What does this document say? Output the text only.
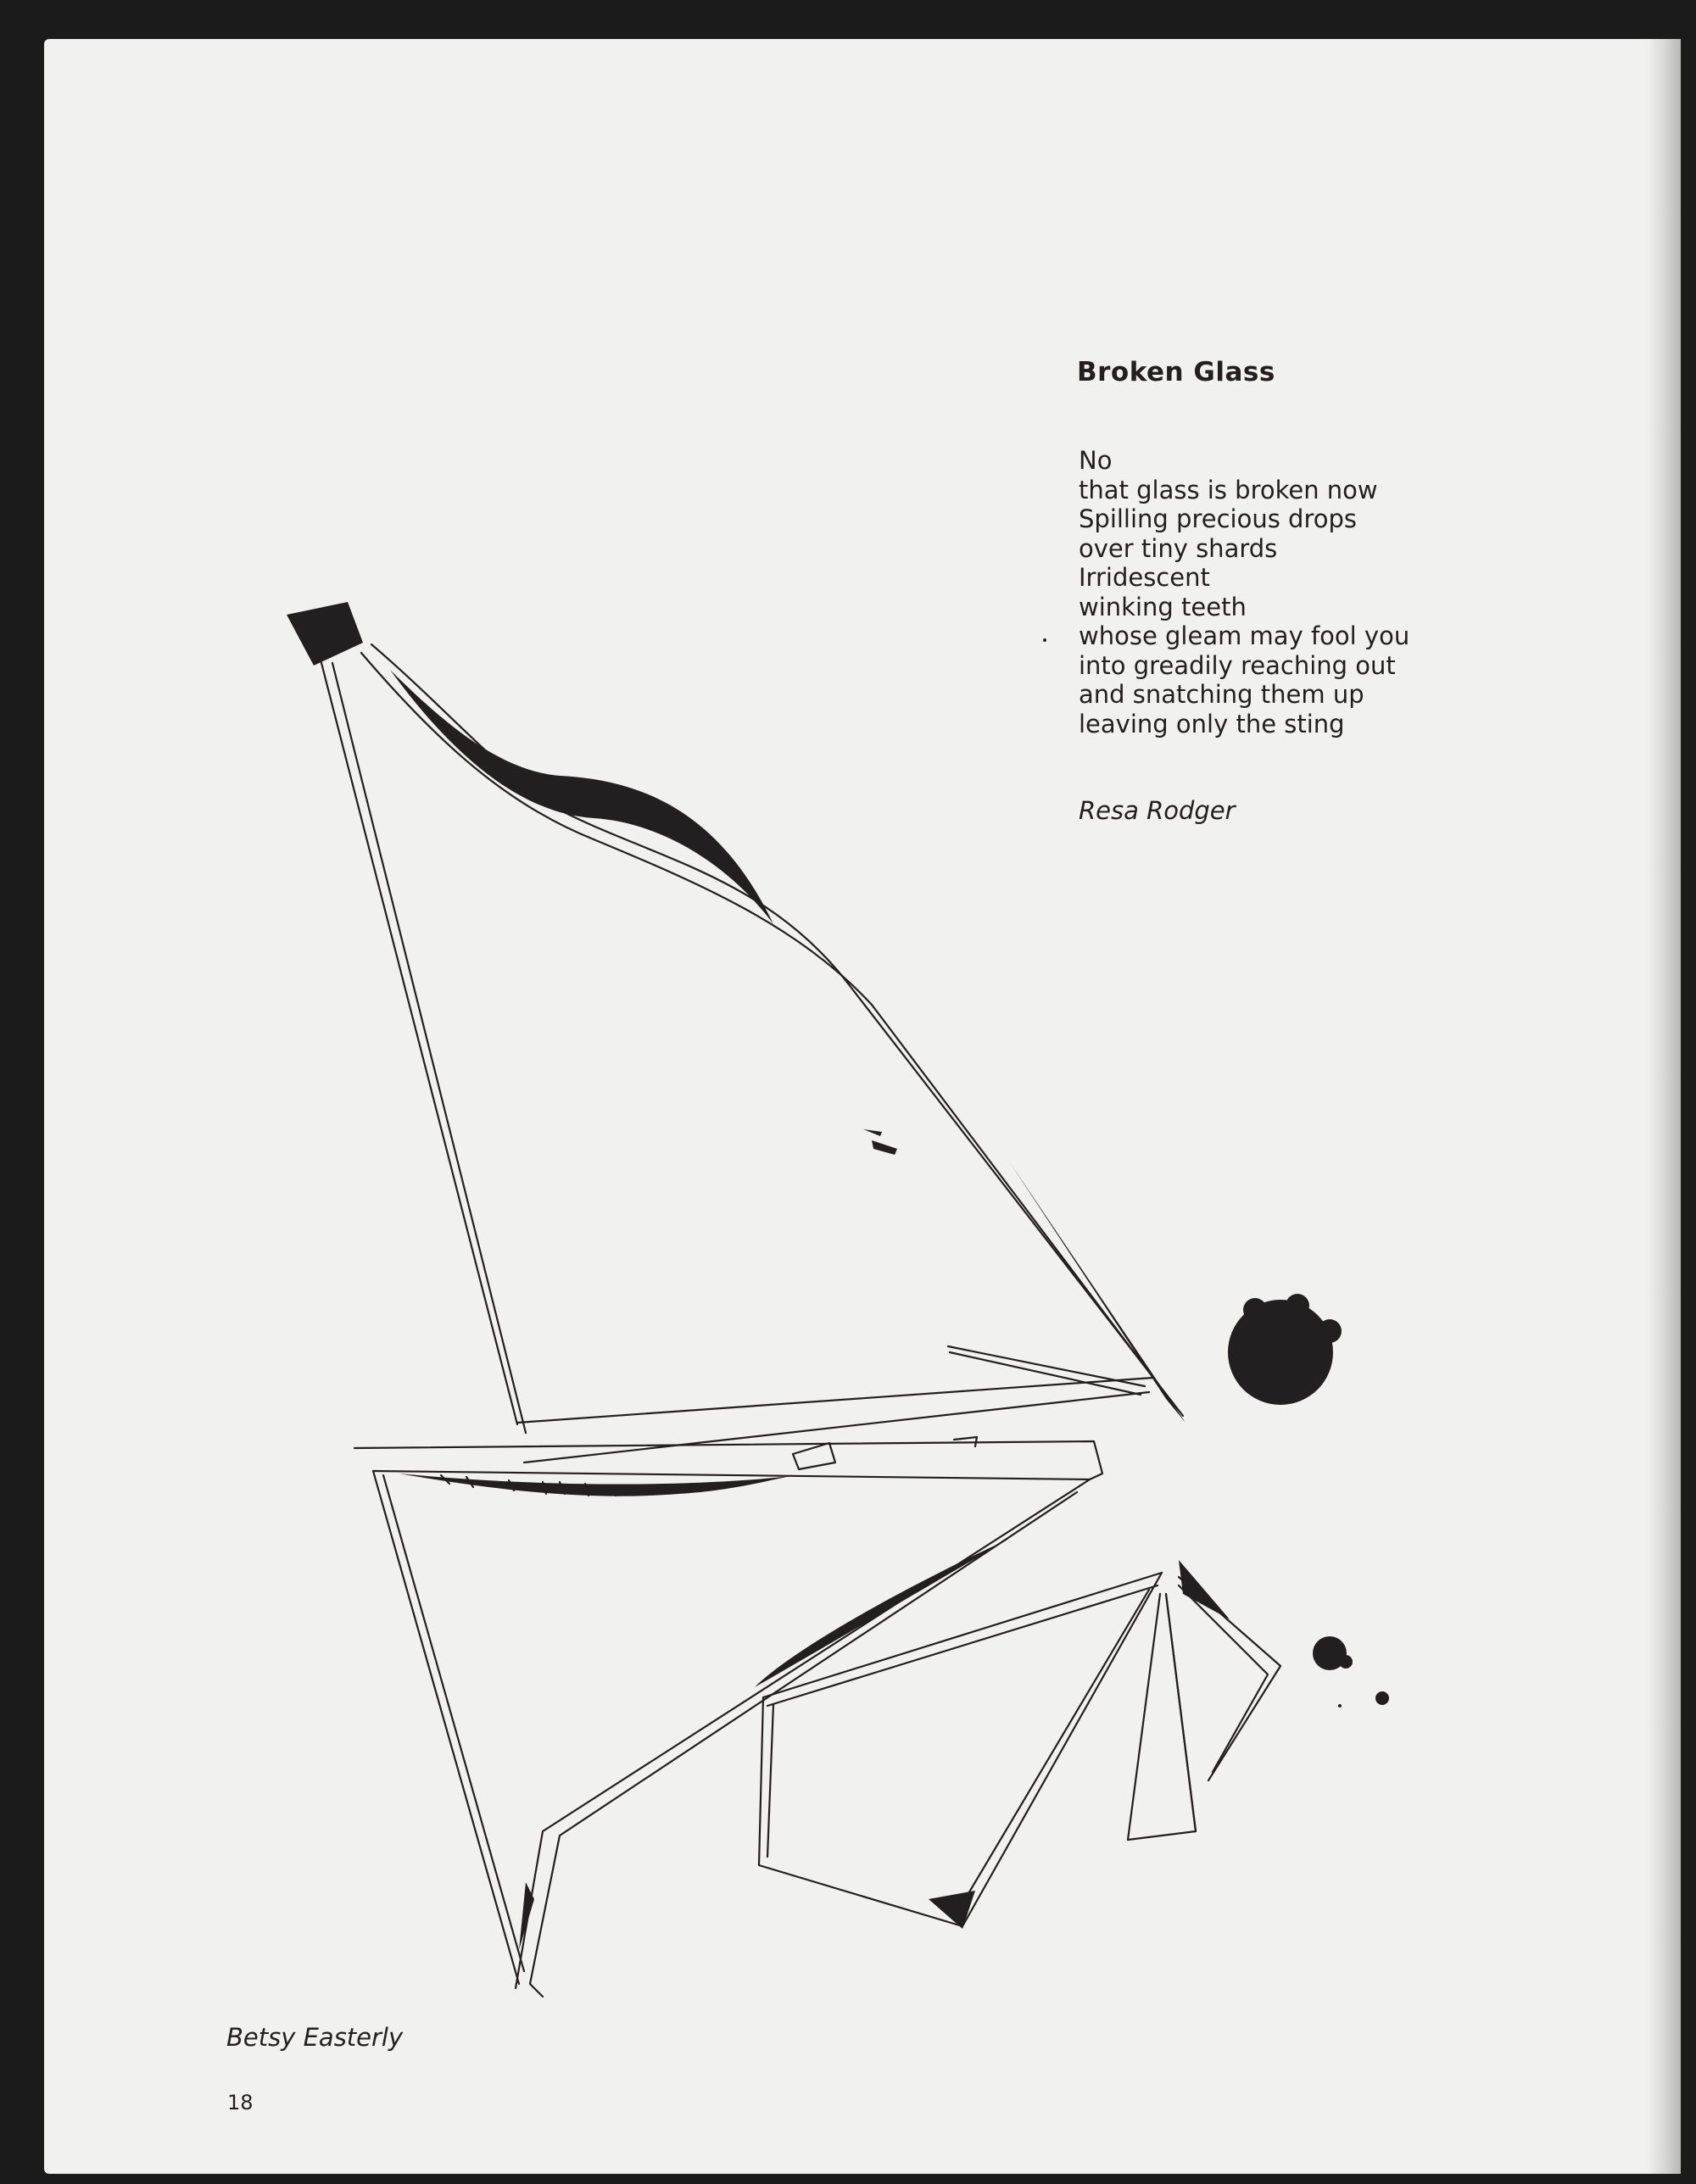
Broken Glass
No
that glass is broken now
Spilling precious drops
over tiny shards
Irridescent
winking teeth
whose gleam may fool you
into greadily reaching out
and snatching them up
leaving only the sting
Resa Rodger
Betsy Easterly
18
